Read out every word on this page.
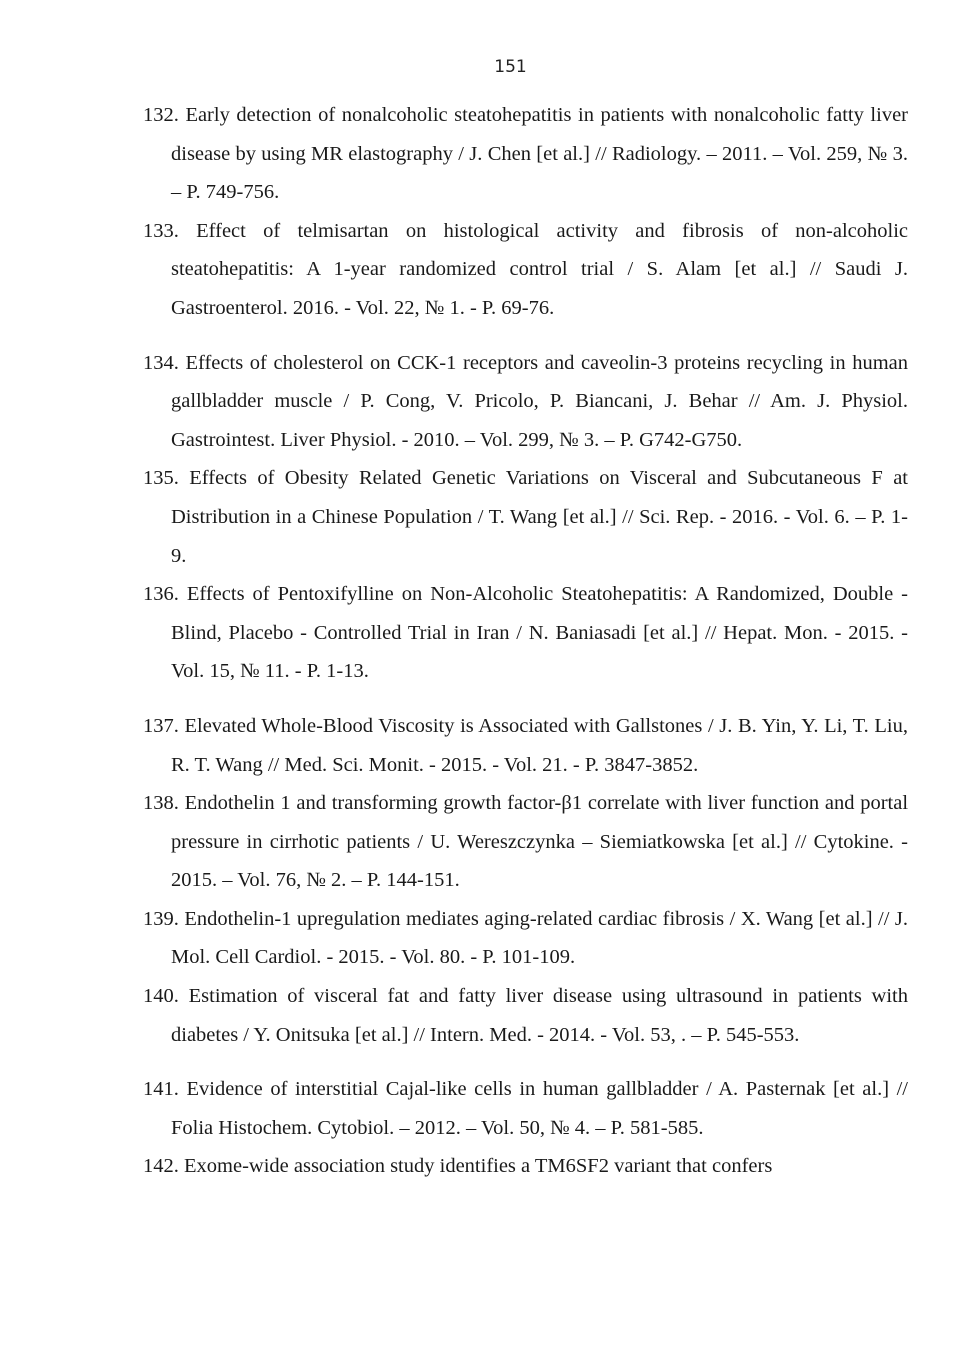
151
132. Early detection of nonalcoholic steatohepatitis in patients with nonalcoholic fatty liver disease by using MR elastography / J. Chen [et al.] // Radiology. – 2011. – Vol. 259, № 3. – P. 749-756.
133. Effect of telmisartan on histological activity and fibrosis of non-alcoholic steatohepatitis: A 1-year randomized control trial / S. Alam [et al.] // Saudi J. Gastroenterol. 2016. - Vol. 22, № 1. - P. 69-76.
134. Effects of cholesterol on CCK-1 receptors and caveolin-3 proteins recycling in human gallbladder muscle / P. Cong, V. Pricolo, P. Biancani, J. Behar // Am. J. Physiol. Gastrointest. Liver Physiol. - 2010. – Vol. 299, № 3. – P. G742-G750.
135. Effects of Obesity Related Genetic Variations on Visceral and Subcutaneous F at Distribution in a Chinese Population / T. Wang [et al.] // Sci. Rep. - 2016. - Vol. 6. – P. 1-9.
136. Effects of Pentoxifylline on Non-Alcoholic Steatohepatitis: A Randomized, Double - Blind, Placebo - Controlled Trial in Iran / N. Baniasadi [et al.] // Hepat. Mon. - 2015. - Vol. 15, № 11. - P. 1-13.
137. Elevated Whole-Blood Viscosity is Associated with Gallstones / J. B. Yin, Y. Li, T. Liu, R. T. Wang // Med. Sci. Monit. - 2015. - Vol. 21. - P. 3847-3852.
138. Endothelin 1 and transforming growth factor-β1 correlate with liver function and portal pressure in cirrhotic patients / U. Wereszczynka – Siemiatkowska [et al.] // Cytokine. - 2015. – Vol. 76, № 2. – P. 144-151.
139. Endothelin-1 upregulation mediates aging-related cardiac fibrosis / X. Wang [et al.] // J. Mol. Cell Cardiol. - 2015. - Vol. 80. - P. 101-109.
140. Estimation of visceral fat and fatty liver disease using ultrasound in patients with diabetes / Y. Onitsuka [et al.] // Intern. Med. - 2014. - Vol. 53, . – P. 545-553.
141. Evidence of interstitial Cajal-like cells in human gallbladder / A. Pasternak [et al.] // Folia Histochem. Cytobiol. – 2012. – Vol. 50, № 4. – P. 581-585.
142. Exome-wide association study identifies a TM6SF2 variant that confers
